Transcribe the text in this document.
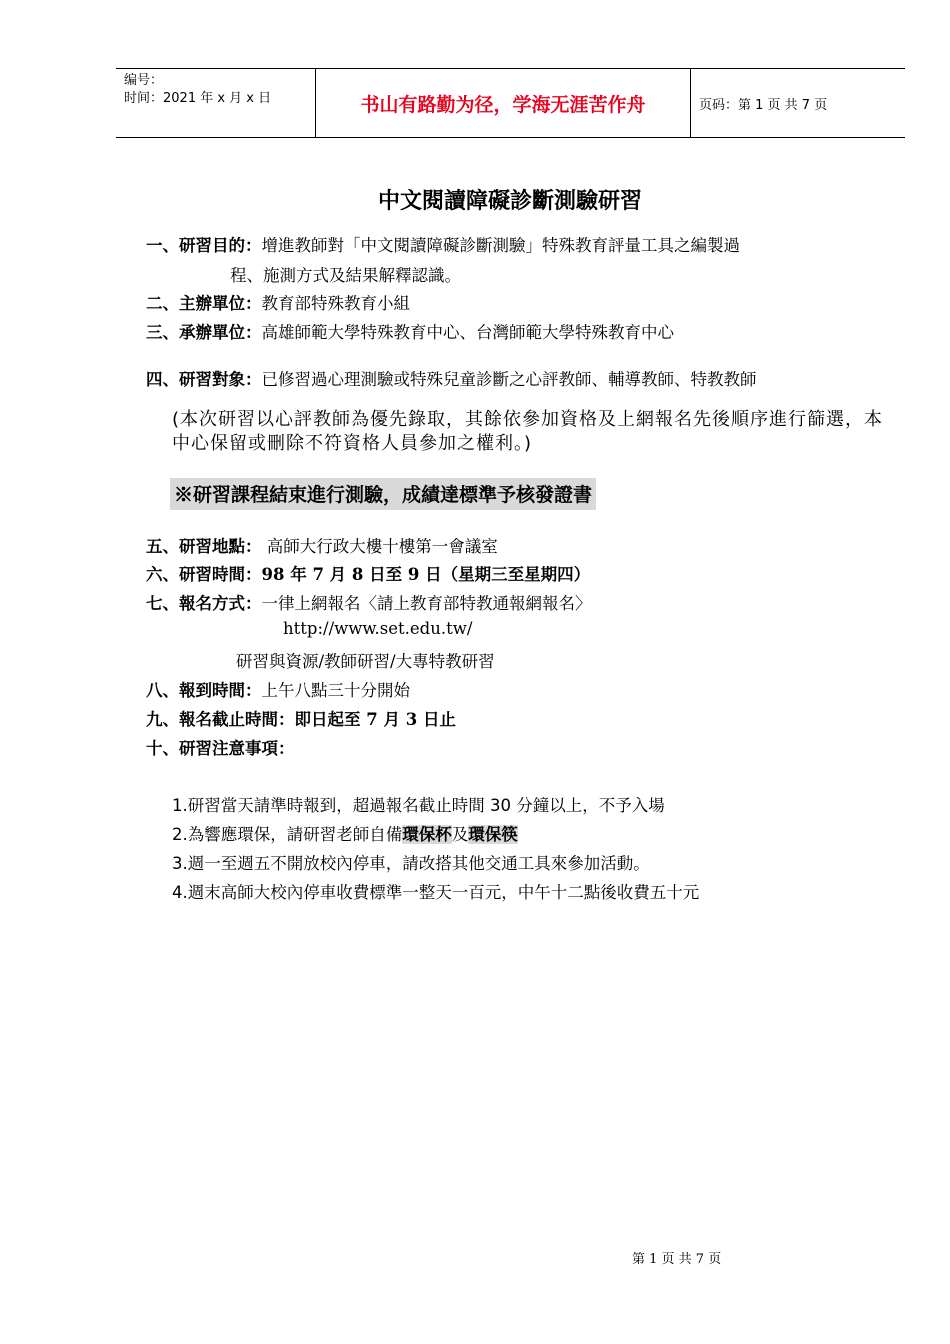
编号：
时间：2021 年 x 月 x 日	书山有路勤为径，学海无涯苦作舟	页码：第 1 页 共 7 页
中文閱讀障礙診斷測驗研習
一、研習目的：增進教師對「中文閱讀障礙診斷測驗」特殊教育評量工具之編製過
程、施測方式及結果解釋認識。
二、主辦單位：教育部特殊教育小組
三、承辦單位：高雄師範大學特殊教育中心、台灣師範大學特殊教育中心
四、研習對象：已修習過心理測驗或特殊兒童診斷之心評教師、輔導教師、特教教師
(本次研習以心評教師為優先錄取，其餘依參加資格及上網報名先後順序進行篩選，本中心保留或刪除不符資格人員參加之權利。)
※研習課程結束進行測驗，成績達標準予核發證書
五、研習地點： 高師大行政大樓十樓第一會議室
六、研習時間：98 年 7 月 8 日至 9 日（星期三至星期四）
七、報名方式：一律上網報名〈請上教育部特教通報網報名〉
http://www.set.edu.tw/
研習與資源/教師研習/大專特教研習
八、報到時間：上午八點三十分開始
九、報名截止時間：即日起至 7 月 3 日止
十、研習注意事項：
1.研習當天請準時報到，超過報名截止時間 30 分鐘以上，不予入場
2.為響應環保，請研習老師自備環保杯及環保筷
3.週一至週五不開放校內停車，請改搭其他交通工具來參加活動。
4.週末高師大校內停車收費標準一整天一百元，中午十二點後收費五十元
第 1 页 共 7 页
